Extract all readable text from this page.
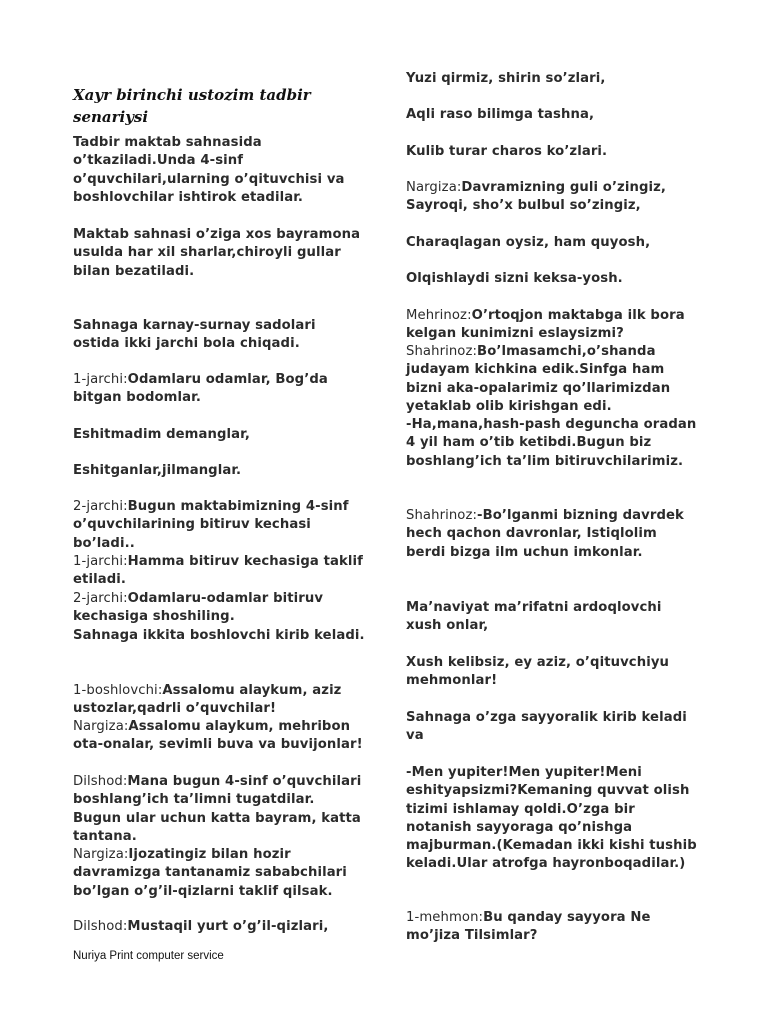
Xayr birinchi ustozim tadbir senariysi

Tadbir maktab sahnasida o’tkaziladi.Unda 4-sinf o’quvchilari,ularning o’qituvchisi va boshlovchilar ishtirok etadilar.

Maktab sahnasi o’ziga xos bayramona usulda har xil sharlar,chiroyli gullar bilan bezatiladi.

Sahnaga karnay-surnay sadolari ostida ikki jarchi bola chiqadi.

1-jarchi:Odamlaru odamlar, Bog’da bitgan bodomlar.

Eshitmadim demanglar,

Eshitganlar,jilmanglar.

2-jarchi:Bugun maktabimizning 4-sinf o’quvchilarining bitiruv kechasi bo’ladi..

1-jarchi:Hamma bitiruv kechasiga taklif etiladi.

2-jarchi:Odamlaru-odamlar bitiruv kechasiga shoshiling.

Sahnaga ikkita boshlovchi kirib keladi.

1-boshlovchi:Assalomu alaykum, aziz ustozlar,qadrli o’quvchilar!

Nargiza:Assalomu alaykum, mehribon ota-onalar, sevimli buva va buvijonlar!

Dilshod:Mana bugun 4-sinf o’quvchilari boshlang’ich ta’limni tugatdilar. Bugun ular uchun katta bayram, katta tantana.

Nargiza:Ijozatingiz bilan hozir davramizga tantanamiz sababchilari bo’lgan o’g’il-qizlarni taklif qilsak.

Dilshod:Mustaqil yurt o’g’il-qizlari,

Yuzi qirmiz, shirin so’zlari,

Aqli raso bilimga tashna,

Kulib turar charos ko’zlari.

Nargiza:Davramizning guli o’zingiz, Sayroqi, sho’x bulbul so’zingiz,

Charaqlagan oysiz, ham quyosh,

Olqishlaydi sizni keksa-yosh.

Mehrinoz:O’rtoqjon maktabga ilk bora kelgan kunimizni eslaysizmi?

Shahrinoz:Bo’lmasamchi,o’shanda judayam kichkina edik.Sinfga ham bizni aka-opalarimiz qo’llarimizdan yetaklab olib kirishgan edi.

-Ha,mana,hash-pash deguncha oradan 4 yil ham o’tib ketibdi.Bugun biz boshlang’ich ta’lim bitiruvchilarimiz.

Shahrinoz:-Bo’lganmi bizning davrdek hech qachon davronlar, Istiqlolim berdi bizga ilm uchun imkonlar.

Ma’naviyat ma’rifatni ardoqlovchi xush onlar,

Xush kelibsiz, ey aziz, o’qituvchiyu mehmonlar!

Sahnaga o’zga sayyoralik kirib keladi va

-Men yupiter!Men yupiter!Meni eshityapsizmi?Kemaning quvvat olish tizimi ishlamay qoldi.O’zga bir notanish sayyoraga qo’nishga majburman.(Kemadan ikki kishi tushib keladi.Ular atrofga hayronboqadilar.)

1-mehmon:Bu qanday sayyora Ne mo’jiza Tilsimlar?

Nuriya Print computer service
